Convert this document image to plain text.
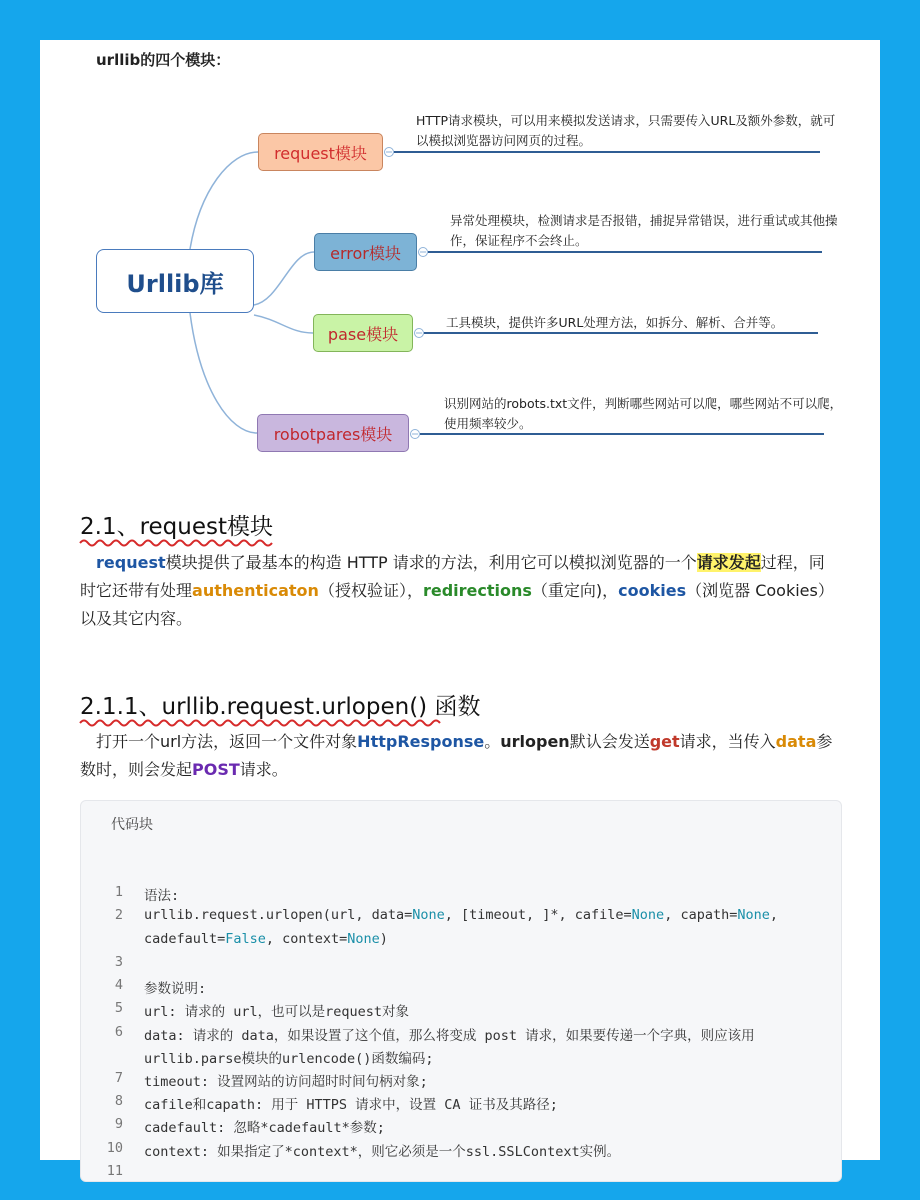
urllib的四个模块：
Urllib库
request模块
error模块
pase模块
robotpares模块
HTTP请求模块，可以用来模拟发送请求，只需要传入URL及额外参数，就可以模拟浏览器访问网页的过程。
异常处理模块，检测请求是否报错，捕捉异常错误，进行重试或其他操作，保证程序不会终止。
工具模块，提供许多URL处理方法，如拆分、解析、合并等。
识别网站的robots.txt文件，判断哪些网站可以爬，哪些网站不可以爬，使用频率较少。
2.1、request模块
request模块提供了最基本的构造 HTTP 请求的方法，利用它可以模拟浏览器的一个请求发起过程，同时它还带有处理authenticaton（授权验证），redirections（重定向)，cookies（浏览器 Cookies）以及其它内容。
2.1.1、urllib.request.urlopen() 函数
打开一个url方法，返回一个文件对象HttpResponse。urlopen默认会发送get请求，当传入data参数时，则会发起POST请求。
代码块
1 语法:
2 urllib.request.urlopen(url, data=None, [timeout, ]*, cafile=None, capath=None,
cadefault=False, context=None)
3
4 参数说明:
5 url: 请求的 url，也可以是request对象
6 data: 请求的 data，如果设置了这个值，那么将变成 post 请求，如果要传递一个字典，则应该用
urllib.parse模块的urlencode()函数编码;
7 timeout: 设置网站的访问超时时间句柄对象;
8 cafile和capath: 用于 HTTPS 请求中，设置 CA 证书及其路径;
9 cadefault: 忽略*cadefault*参数;
10 context: 如果指定了*context*，则它必须是一个ssl.SSLContext实例。
11
